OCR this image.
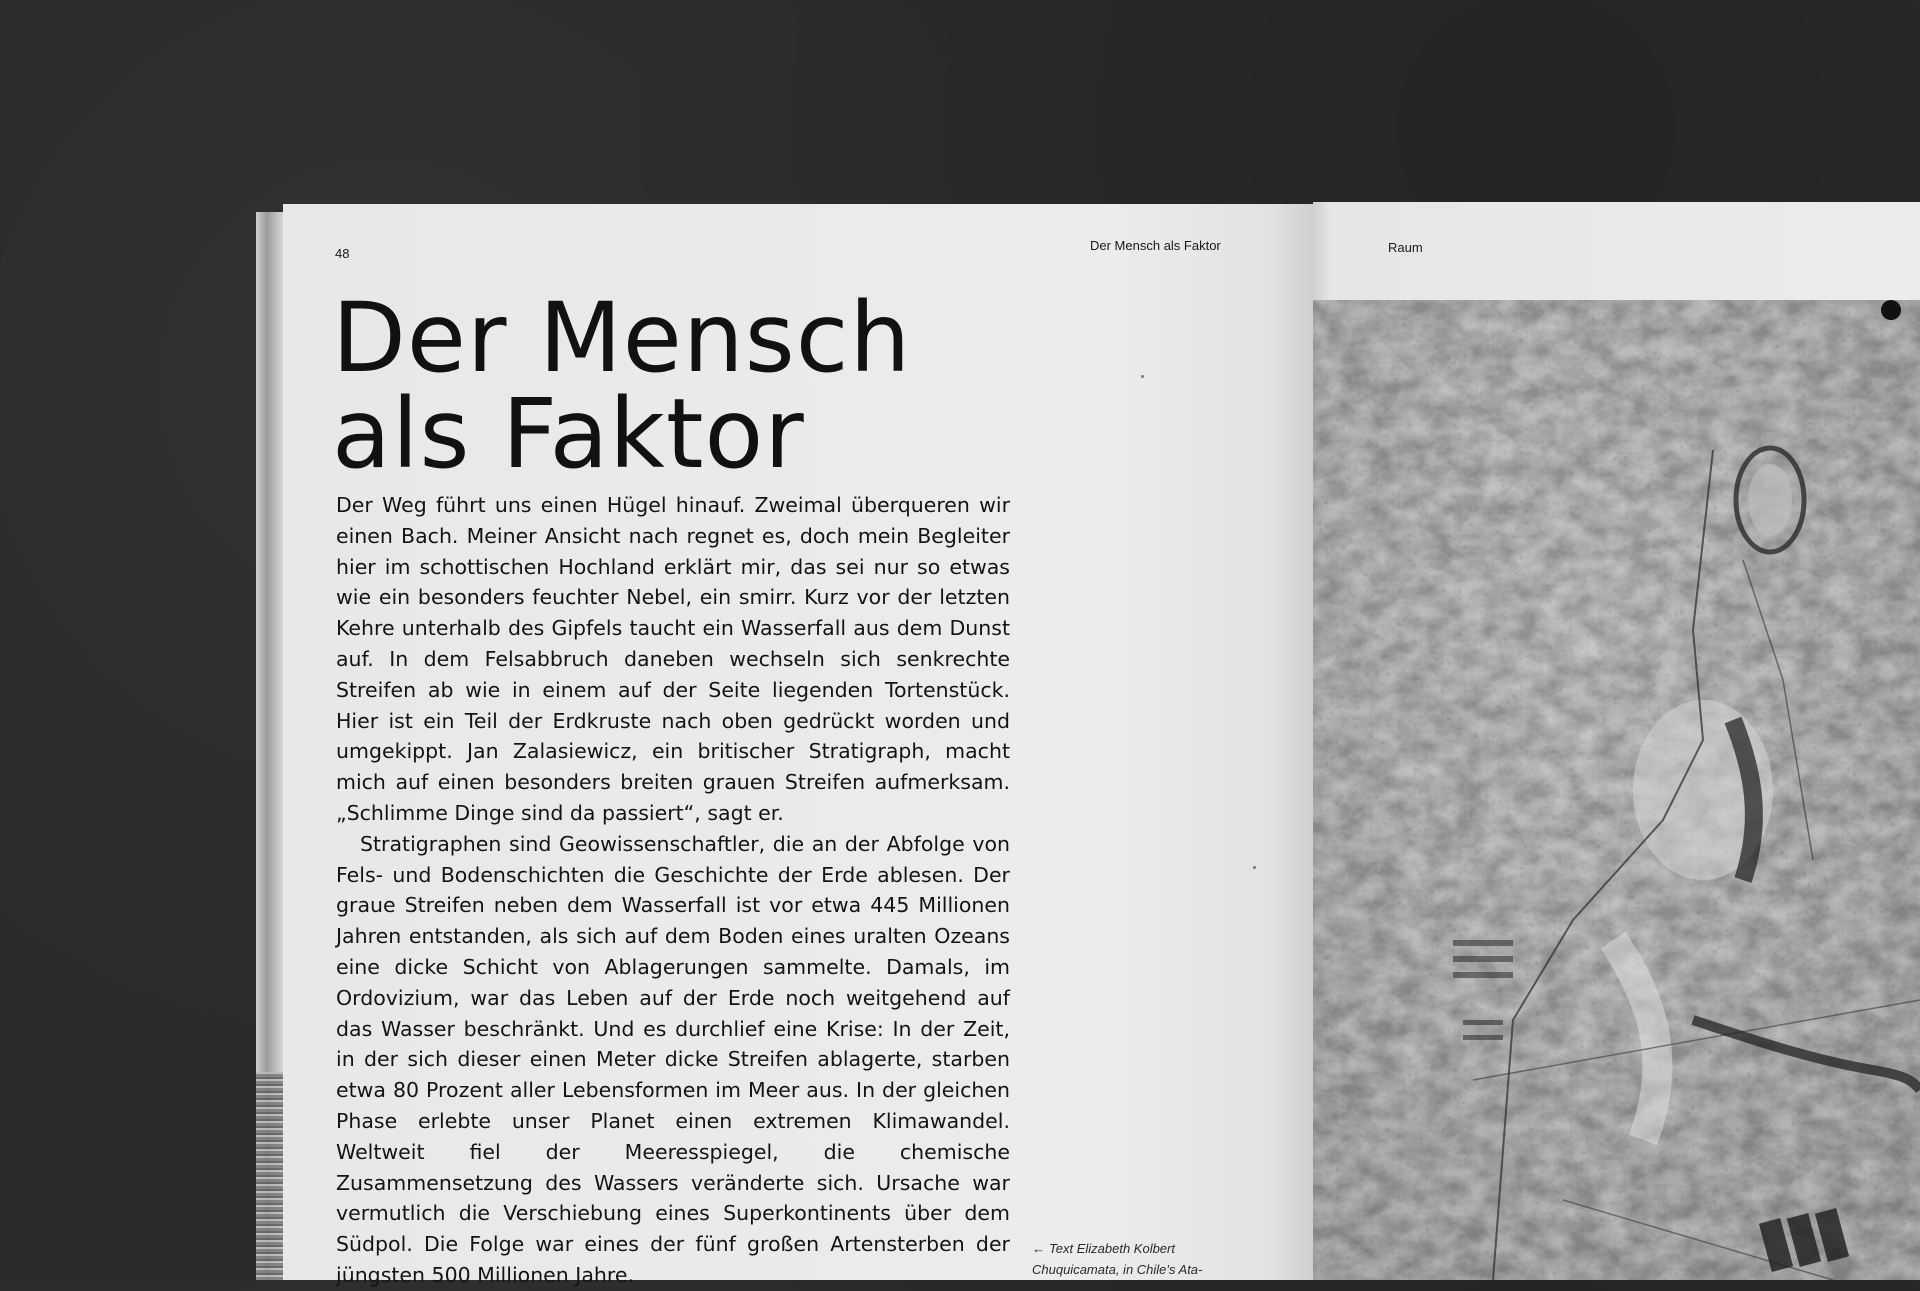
48
Der Mensch als Faktor	Raum
Der Mensch
als Faktor

Der Weg führt uns einen Hügel hinauf. Zweimal überqueren wir einen Bach. Meiner Ansicht nach regnet es, doch mein Begleiter hier im schottischen Hochland erklärt mir, das sei nur so etwas wie ein besonders feuchter Nebel, ein smirr. Kurz vor der letzten Kehre unterhalb des Gipfels taucht ein Wasserfall aus dem Dunst auf. In dem Felsabbruch daneben wechseln sich senkrechte Streifen ab wie in einem auf der Seite liegenden Tortenstück. Hier ist ein Teil der Erdkruste nach oben gedrückt worden und umgekippt. Jan Zalasiewicz, ein britischer Stratigraph, macht mich auf einen besonders breiten grauen Streifen aufmerksam. „Schlimme Dinge sind da passiert“, sagt er.

Stratigraphen sind Geowissenschaftler, die an der Abfolge von Fels- und Bodenschichten die Geschichte der Erde ablesen. Der graue Streifen neben dem Wasserfall ist vor etwa 445 Millionen Jahren entstanden, als sich auf dem Boden eines uralten Ozeans eine dicke Schicht von Ablagerungen sammelte. Damals, im Ordovizium, war das Leben auf der Erde noch weitgehend auf das Wasser beschränkt. Und es durchlief eine Krise: In der Zeit, in der sich dieser einen Meter dicke Streifen ablagerte, starben etwa 80 Prozent aller Lebensformen im Meer aus. In der gleichen Phase erlebte unser Planet einen extremen Klimawandel. Weltweit fiel der Meeresspiegel, die chemische Zusammensetzung des Wassers veränderte sich. Ursache war vermutlich die Verschiebung eines Superkontinents über dem Südpol. Die Folge war eines der fünf großen Artensterben der jüngsten 500 Millionen Jahre.

← Text Elizabeth Kolbert
Chuquicamata, in Chile's Ata-
